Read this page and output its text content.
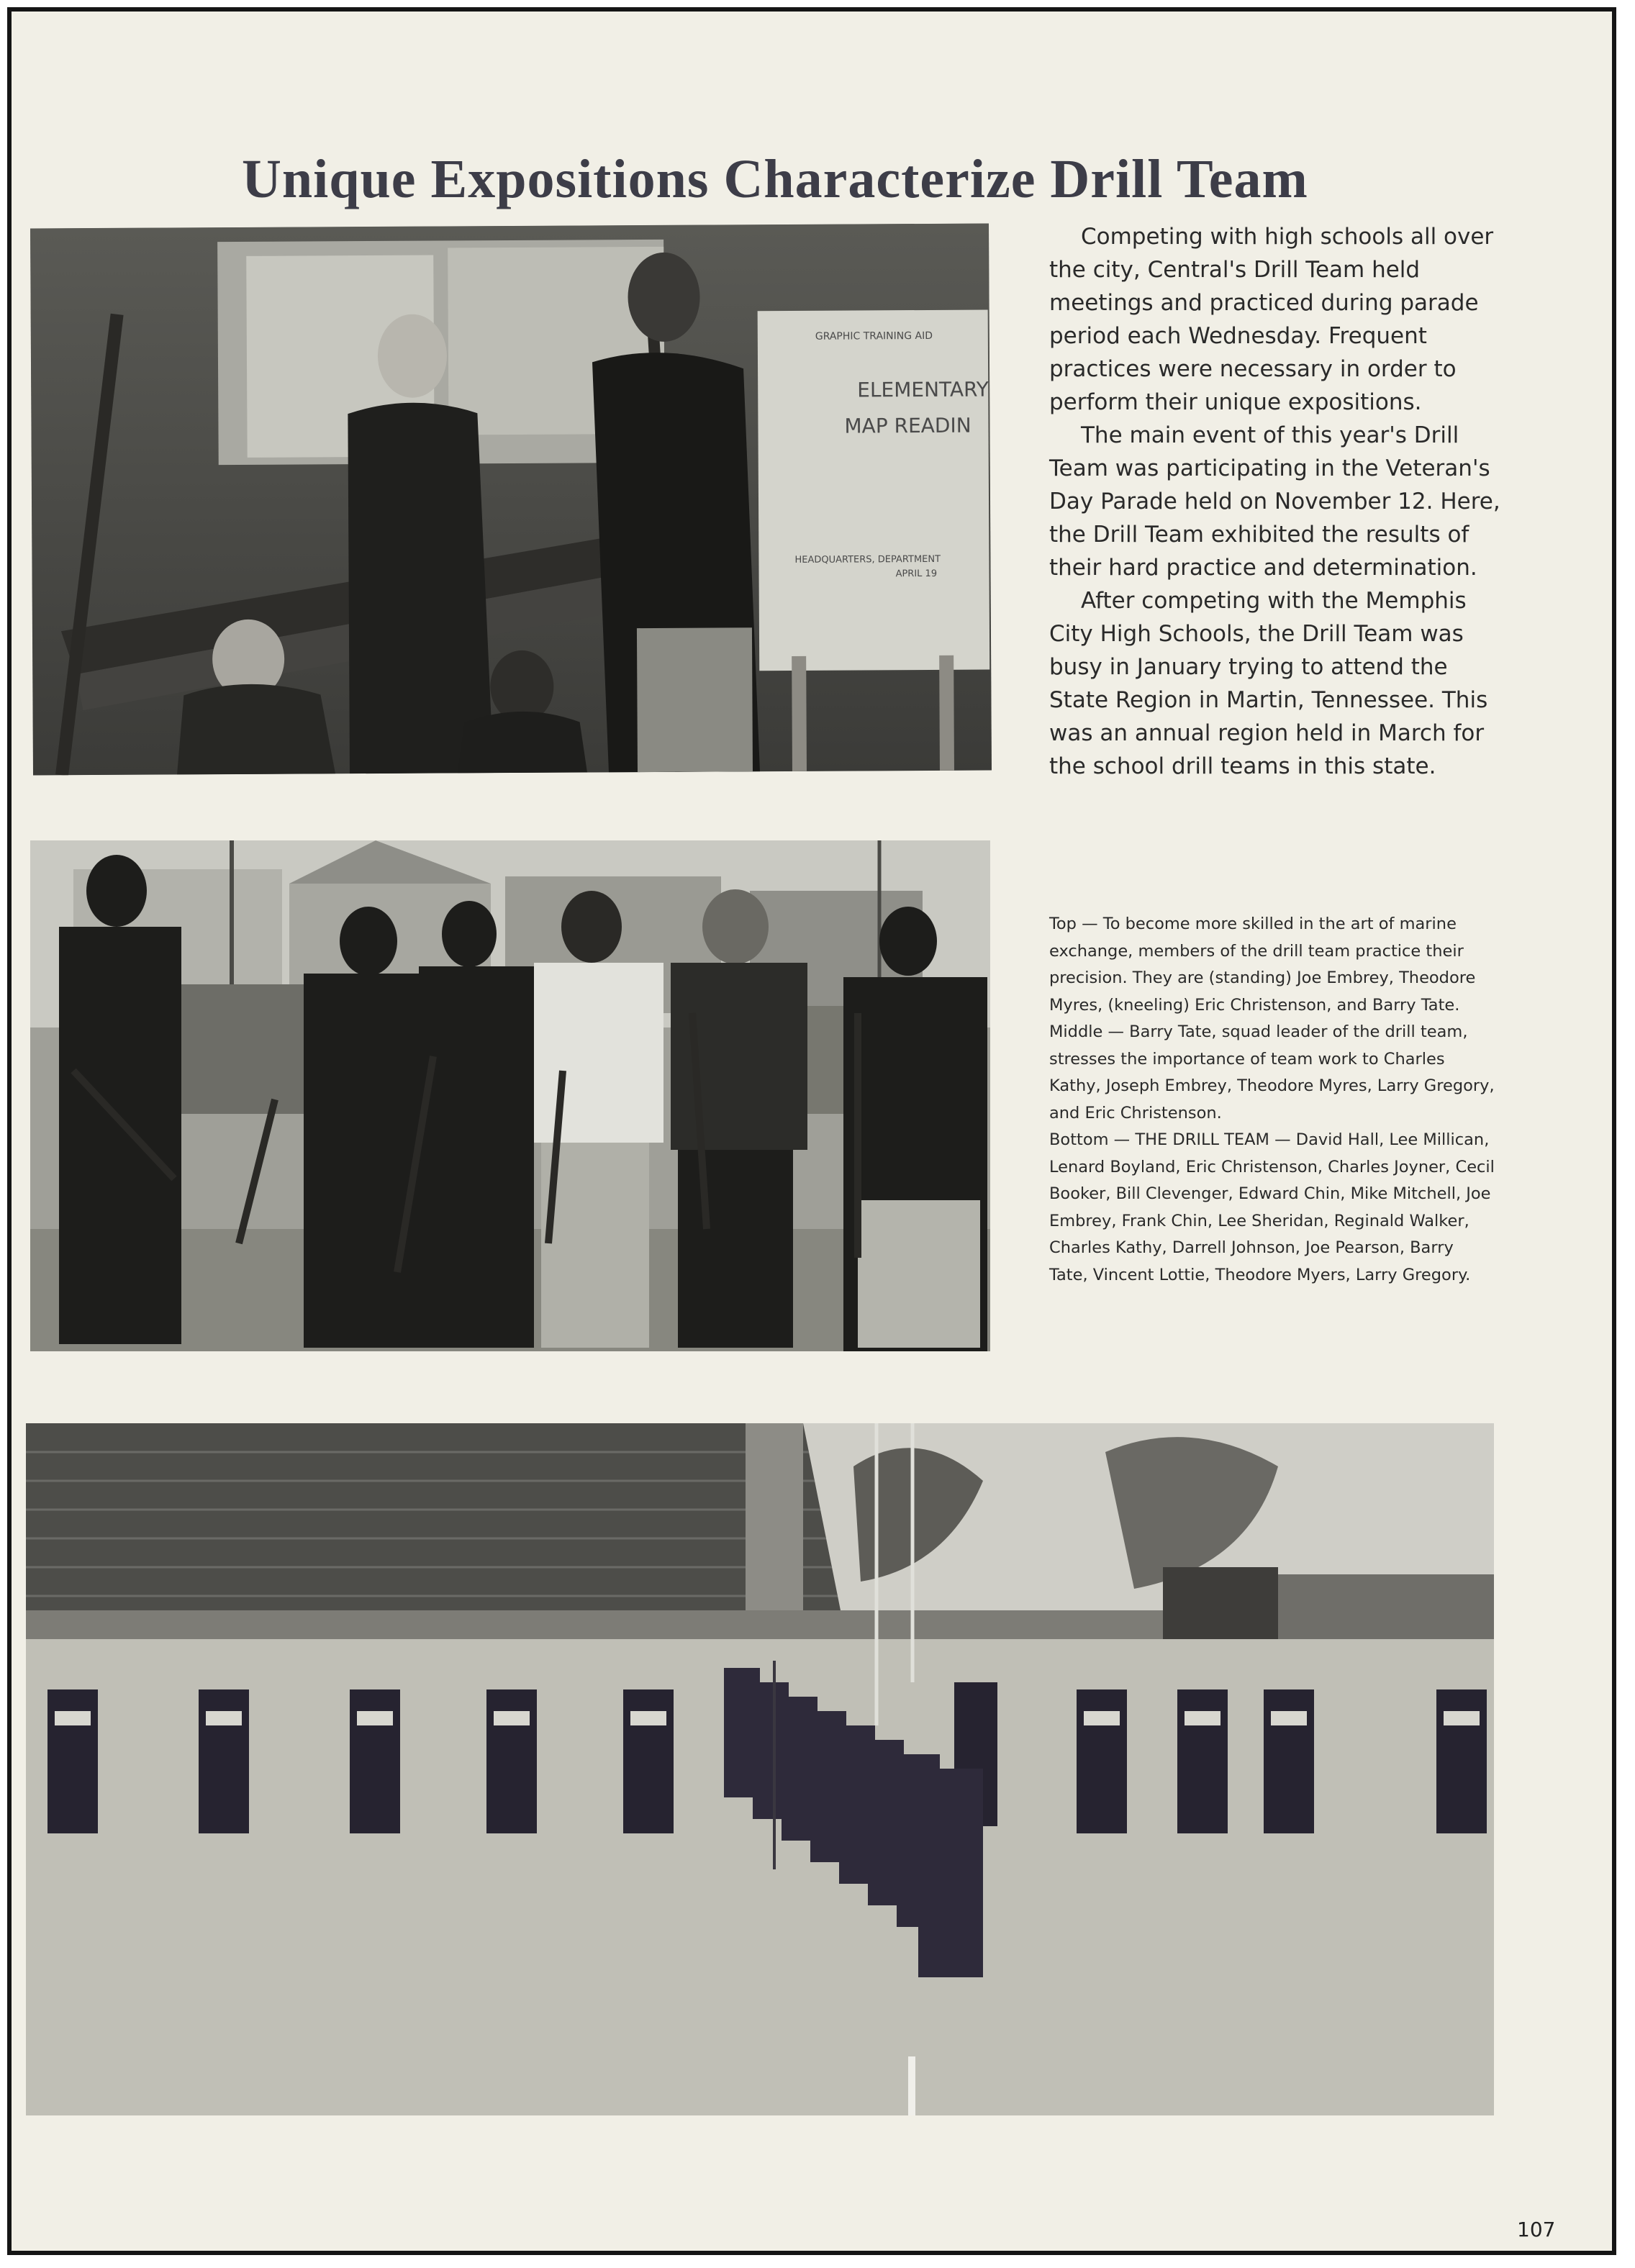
Unique Expositions Characterize Drill Team
GRAPHIC TRAINING AID
ELEMENTARY
MAP READIN
HEADQUARTERS, DEPARTMENT
APRIL 19

Competing with high schools all over the city, Central's Drill Team held meetings and practiced during parade period each Wednesday. Frequent practices were necessary in order to perform their unique expositions.

The main event of this year's Drill Team was participating in the Veteran's Day Parade held on November 12. Here, the Drill Team exhibited the results of their hard practice and determination.

After competing with the Memphis City High Schools, the Drill Team was busy in January trying to attend the State Region in Martin, Tennessee. This was an annual region held in March for the school drill teams in this state.

Top — To become more skilled in the art of marine exchange, members of the drill team practice their precision. They are (standing) Joe Embrey, Theodore Myres, (kneeling) Eric Christenson, and Barry Tate.

Middle — Barry Tate, squad leader of the drill team, stresses the importance of team work to Charles Kathy, Joseph Embrey, Theodore Myres, Larry Gregory, and Eric Christenson.

Bottom — THE DRILL TEAM — David Hall, Lee Millican, Lenard Boyland, Eric Christenson, Charles Joyner, Cecil Booker, Bill Clevenger, Edward Chin, Mike Mitchell, Joe Embrey, Frank Chin, Lee Sheridan, Reginald Walker, Charles Kathy, Darrell Johnson, Joe Pearson, Barry Tate, Vincent Lottie, Theodore Myers, Larry Gregory.

107
